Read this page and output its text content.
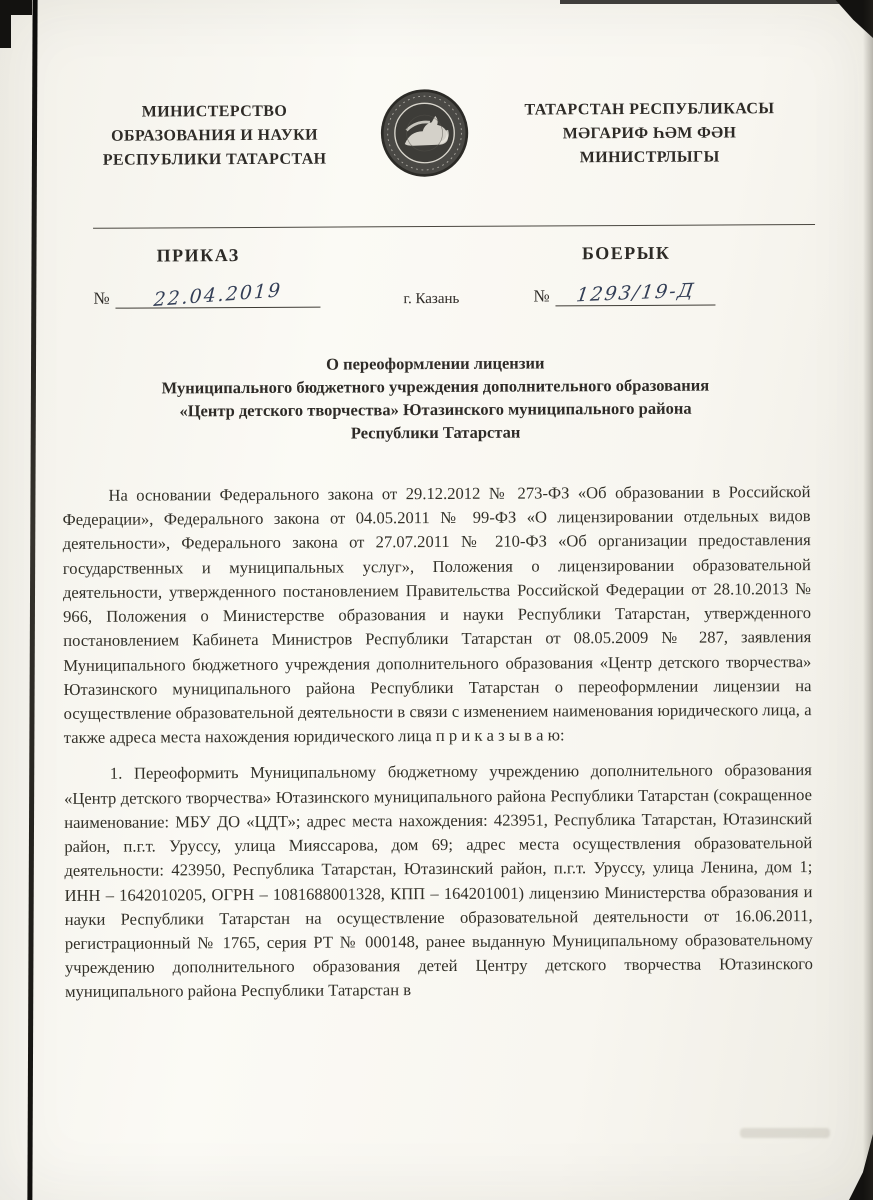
МИНИСТЕРСТВО
ОБРАЗОВАНИЯ И НАУКИ
РЕСПУБЛИКИ ТАТАРСТАН
ТАТАРСТАН РЕСПУБЛИКАСЫ
МӘГАРИФ ҺӘМ ФӘН
МИНИСТРЛЫГЫ
ПРИКАЗ	БОЕРЫК
№ 22.04.2019	г. Казань	№ 1293/19-Д
О переоформлении лицензии
Муниципального бюджетного учреждения дополнительного образования
«Центр детского творчества» Ютазинского муниципального района
Республики Татарстан

На основании Федерального закона от 29.12.2012 № 273-ФЗ «Об образовании в Российской Федерации», Федерального закона от 04.05.2011 № 99-ФЗ «О лицензировании отдельных видов деятельности», Федерального закона от 27.07.2011 № 210-ФЗ «Об организации предоставления государственных и муниципальных услуг», Положения о лицензировании образовательной деятельности, утвержденного постановлением Правительства Российской Федерации от 28.10.2013 № 966, Положения о Министерстве образования и науки Республики Татарстан, утвержденного постановлением Кабинета Министров Республики Татарстан от 08.05.2009 № 287, заявления Муниципального бюджетного учреждения дополнительного образования «Центр детского творчества» Ютазинского муниципального района Республики Татарстан о переоформлении лицензии на осуществление образовательной деятельности в связи с изменением наименования юридического лица, а также адреса места нахождения юридического лица п р и к а з ы в а ю:

1. Переоформить Муниципальному бюджетному учреждению дополнительного образования «Центр детского творчества» Ютазинского муниципального района Республики Татарстан (сокращенное наименование: МБУ ДО «ЦДТ»; адрес места нахождения: 423951, Республика Татарстан, Ютазинский район, п.г.т. Уруссу, улица Мияссарова, дом 69; адрес места осуществления образовательной деятельности: 423950, Республика Татарстан, Ютазинский район, п.г.т. Уруссу, улица Ленина, дом 1; ИНН – 1642010205, ОГРН – 1081688001328, КПП – 164201001) лицензию Министерства образования и науки Республики Татарстан на осуществление образовательной деятельности от 16.06.2011, регистрационный № 1765, серия РТ № 000148, ранее выданную Муниципальному образовательному учреждению дополнительного образования детей Центру детского творчества Ютазинского муниципального района Республики Татарстан в
